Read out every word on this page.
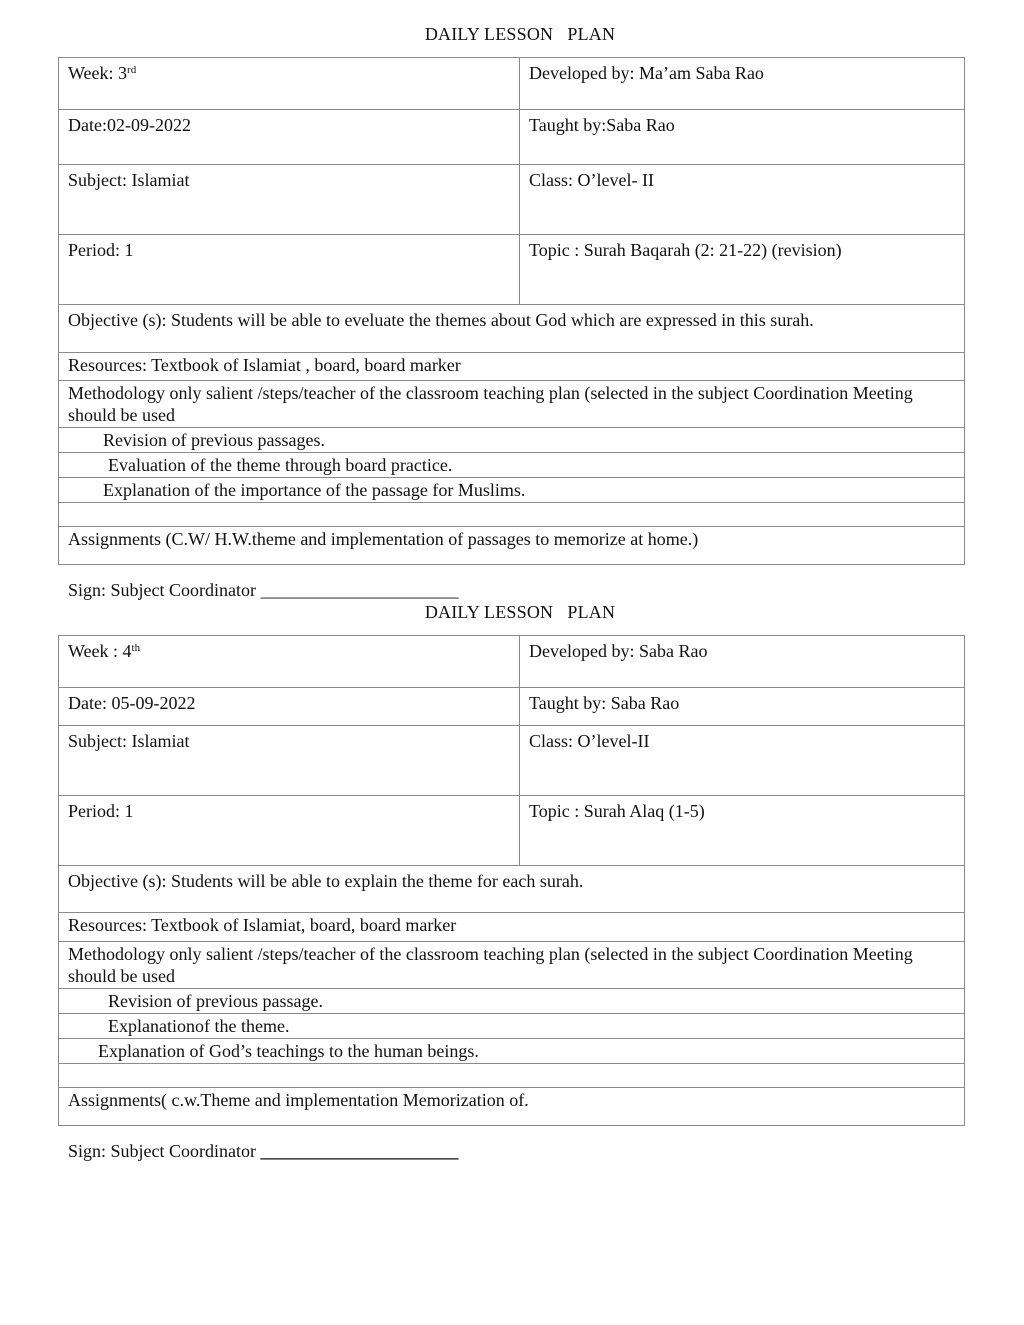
DAILY LESSON   PLAN
Week: 3rd	Developed by: Ma’am Saba Rao
Date:02-09-2022	Taught by:Saba Rao
Subject: Islamiat	Class: O’level- II
Period: 1	Topic : Surah Baqarah (2: 21-22) (revision)
Objective (s): Students will be able to eveluate the themes about God which are expressed in this surah.	
Resources: Textbook of Islamiat , board, board marker	
Methodology only salient /steps/teacher of the classroom teaching plan (selected in the subject Coordination Meeting should be used	
Revision of previous passages.	
Evaluation of the theme through board practice.	
Explanation of the importance of the passage for Muslims.	

Assignments (C.W/ H.W.theme and implementation of passages to memorize at home.)	
Sign: Subject Coordinator ______________________
DAILY LESSON   PLAN
Week : 4th	Developed by: Saba Rao
Date: 05-09-2022	Taught by: Saba Rao
Subject: Islamiat	Class: O’level-II
Period: 1	Topic : Surah Alaq (1-5)
Objective (s): Students will be able to explain the theme for each surah.	
Resources: Textbook of Islamiat, board, board marker	
Methodology only salient /steps/teacher of the classroom teaching plan (selected in the subject Coordination Meeting should be used	
Revision of previous passage.	
Explanationof the theme.	
Explanation of God’s teachings to the human beings.	

Assignments( c.w.Theme and implementation Memorization of.	
Sign: Subject Coordinator ______________________
